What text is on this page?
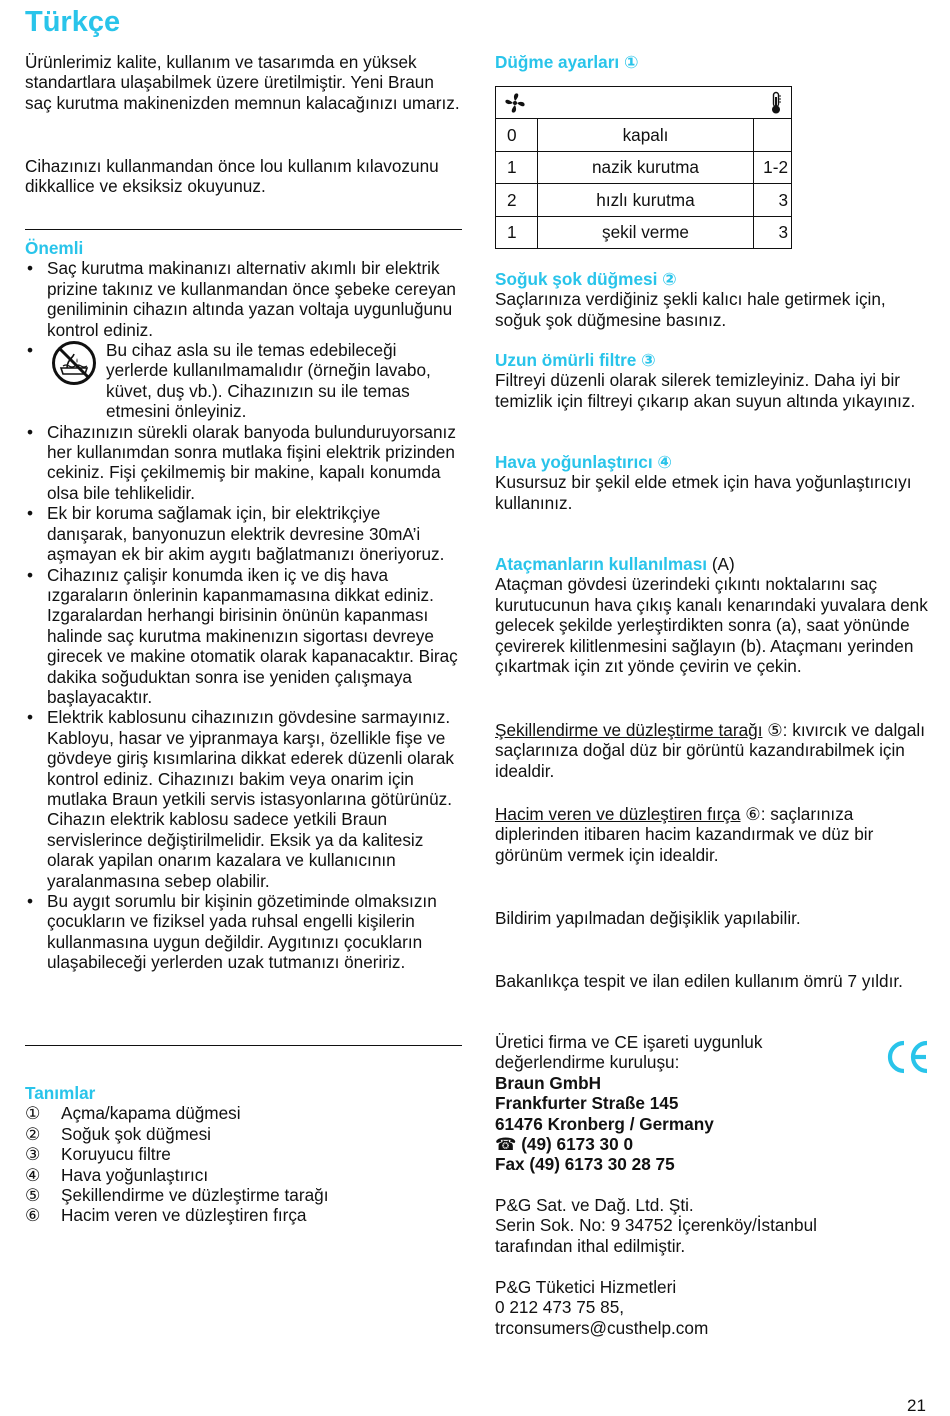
Türkçe

Ürünlerimiz kalite, kullanım ve tasarımda en yüksek standartlara ulaşabilmek üzere üretilmiştir. Yeni Braun saç kurutma makinenizden memnun kalacağınızı umarız.

Cihazınızı kullanmandan önce lou kullanım kılavozunu dikkallice ve eksiksiz okuyunuz.

Önemli
• Saç kurutma makinanızı alternativ akımlı bir elektrik prizine takınız ve kullanmandan önce şebeke cereyan geniliminin cihazın altında yazan voltaja uygunluğunu kontrol ediniz.
•	Bu cihaz asla su ile temas edebileceği yerlerde kullanılmamalıdır (örneğin lavabo, küvet, duş vb.). Cihazınızın su ile temas etmesini önleyiniz.
• Cihazınızın sürekli olarak banyoda bulunduruyorsanız her kullanımdan sonra mutlaka fişini elektrik prizinden cekiniz. Fişi çekilmemiş bir makine, kapalı konumda olsa bile tehlikelidir.
• Ek bir koruma sağlamak için, bir elektrikçiye danışarak, banyonuzun elektrik devresine 30mA’i aşmayan ek bir akim aygıtı bağlatmanızı öneriyoruz.
• Cihazınız çalişir konumda iken iç ve diş hava ızgaraların önlerinin kapanmamasına dikkat ediniz. Izgaralardan herhangi birisinin önünün kapanması halinde saç kurutma makinenızın sigortası devreye girecek ve makine otomatik olarak kapanacaktır. Biraç dakika soğuduktan sonra ise yeniden çalışmaya başlayacaktır.
• Elektrik kablosunu cihazınızın gövdesine sarmayınız. Kabloyu, hasar ve yipranmaya karşı, özellikle fişe ve gövdeye giriş kısımlarina dikkat ederek düzenli olarak kontrol ediniz. Cihazınızı bakim veya onarim için mutlaka Braun yetkili servis istasyonlarına götürünüz. Cihazın elektrik kablosu sadece yetkili Braun servislerince değiştirilmelidir. Eksik ya da kalitesiz olarak yapilan onarım kazalara ve kullanıcının yaralanmasına sebep olabilir.
• Bu aygıt sorumlu bir kişinin gözetiminde olmaksızın çocukların ve fiziksel yada ruhsal engelli kişilerin kullanmasına uygun değildir. Aygıtınızı çocukların ulaşabileceği yerlerden uzak tutmanızı öneririz.
Tanımlar
①	Açma/kapama düğmesi
②	Soğuk şok düğmesi
③	Koruyucu filtre
④	Hava yoğunlaştırıcı
⑤	Şekillendirme ve düzleştirme tarağı
⑥	Hacim veren ve düzleştiren fırça
Düğme ayarları ①

0	kapalı	
1	nazik kurutma	1-2
2	hızlı kurutma	3
1	şekil verme	3
Soğuk şok düğmesi ②

Saçlarınıza verdiğiniz şekli kalıcı hale getirmek için, soğuk şok düğmesine basınız.

Uzun ömürli filtre ③

Filtreyi düzenli olarak silerek temizleyiniz. Daha iyi bir temizlik için filtreyi çıkarıp akan suyun altında yıkayınız.

Hava yoğunlaştırıcı ④

Kusursuz bir şekil elde etmek için hava yoğunlaştırıcıyı kullanınız.

Ataçmanların kullanılması (A)

Ataçman gövdesi üzerindeki çıkıntı noktalarını saç kurutucunun hava çıkış kanalı kenarındaki yuvalara denk gelecek şekilde yerleştirdikten sonra (a), saat yönünde çevirerek kilitlenmesini sağlayın (b). Ataçmanı yerinden çıkartmak için zıt yönde çevirin ve çekin.

Şekillendirme ve düzleştirme tarağı ⑤: kıvırcık ve dalgalı saçlarınıza doğal düz bir görüntü kazandırabilmek için idealdir.

Hacim veren ve düzleştiren fırça ⑥: saçlarınıza diplerinden itibaren hacim kazandırmak ve düz bir görünüm vermek için idealdir.

Bildirim yapılmadan değişiklik yapılabilir.

Bakanlıkça tespit ve ilan edilen kullanım ömrü 7 yıldır.

Üretici firma ve CE işareti uygunluk değerlendirme kuruluşu:

Braun GmbH

Frankfurter Straße 145

61476 Kronberg / Germany

☎ (49) 6173 30 0

Fax (49) 6173 30 28 75

P&G Sat. ve Dağ. Ltd. Şti.

Serin Sok. No: 9 34752 İçerenköy/İstanbul

tarafından ithal edilmiştir.

P&G Tüketici Hizmetleri

0 212 473 75 85,

trconsumers@custhelp.com

21
